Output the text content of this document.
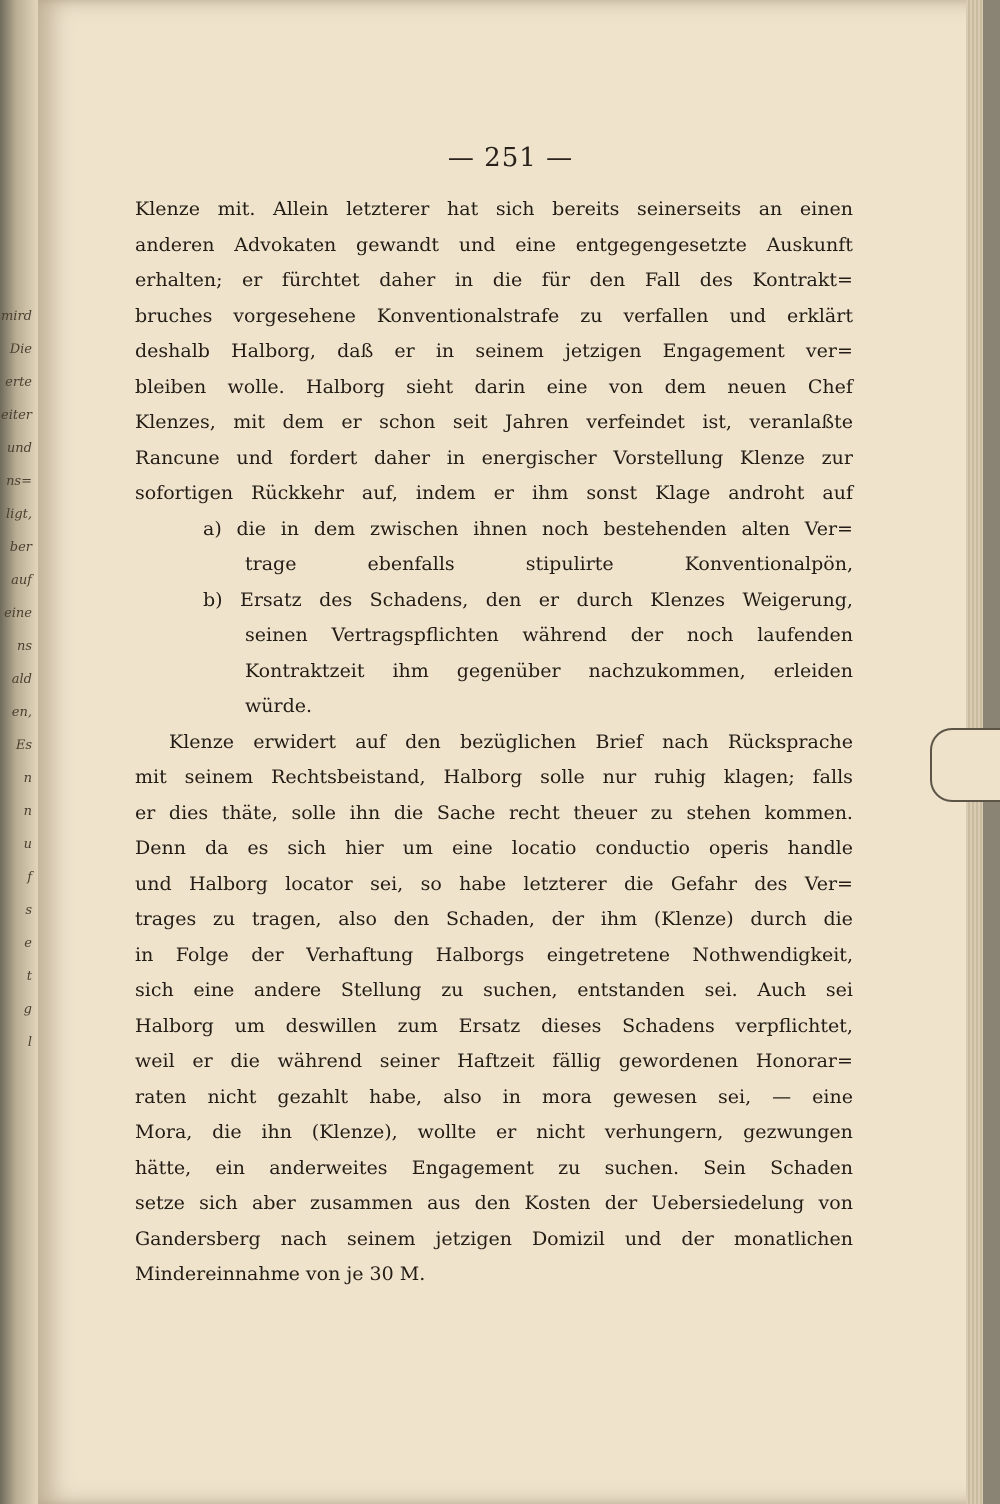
mird
Die
erte
eiter
und
ns=
ligt,
ber
auf
eine
ns
ald
en,
Es
n
n
u
f
s
e
t
g
l
— 251 —
Klenze mit. Allein letzterer hat sich bereits seinerseits an einen
anderen Advokaten gewandt und eine entgegengesetzte Auskunft
erhalten; er fürchtet daher in die für den Fall des Kontrakt=
bruches vorgesehene Konventionalstrafe zu verfallen und erklärt
deshalb Halborg, daß er in seinem jetzigen Engagement ver=
bleiben wolle. Halborg sieht darin eine von dem neuen Chef
Klenzes, mit dem er schon seit Jahren verfeindet ist, veranlaßte
Rancune und fordert daher in energischer Vorstellung Klenze zur
sofortigen Rückkehr auf, indem er ihm sonst Klage androht auf
a) die in dem zwischen ihnen noch bestehenden alten Ver=
trage	ebenfalls	stipulirte	Konventionalpön,
b) Ersatz des Schadens, den er durch Klenzes Weigerung,
seinen Vertragspflichten während der noch laufenden
Kontraktzeit ihm gegenüber nachzukommen, erleiden
würde.
Klenze erwidert auf den bezüglichen Brief nach Rücksprache
mit seinem Rechtsbeistand, Halborg solle nur ruhig klagen; falls
er dies thäte, solle ihn die Sache recht theuer zu stehen kommen.
Denn da es sich hier um eine locatio conductio operis handle
und Halborg locator sei, so habe letzterer die Gefahr des Ver=
trages zu tragen, also den Schaden, der ihm (Klenze) durch die
in Folge der Verhaftung Halborgs eingetretene Nothwendigkeit,
sich eine andere Stellung zu suchen, entstanden sei. Auch sei
Halborg um deswillen zum Ersatz dieses Schadens verpflichtet,
weil er die während seiner Haftzeit fällig gewordenen Honorar=
raten nicht gezahlt habe, also in mora gewesen sei, — eine
Mora, die ihn (Klenze), wollte er nicht verhungern, gezwungen
hätte, ein anderweites Engagement zu suchen. Sein Schaden
setze sich aber zusammen aus den Kosten der Uebersiedelung von
Gandersberg nach seinem jetzigen Domizil und der monatlichen
Mindereinnahme von je 30 M.
